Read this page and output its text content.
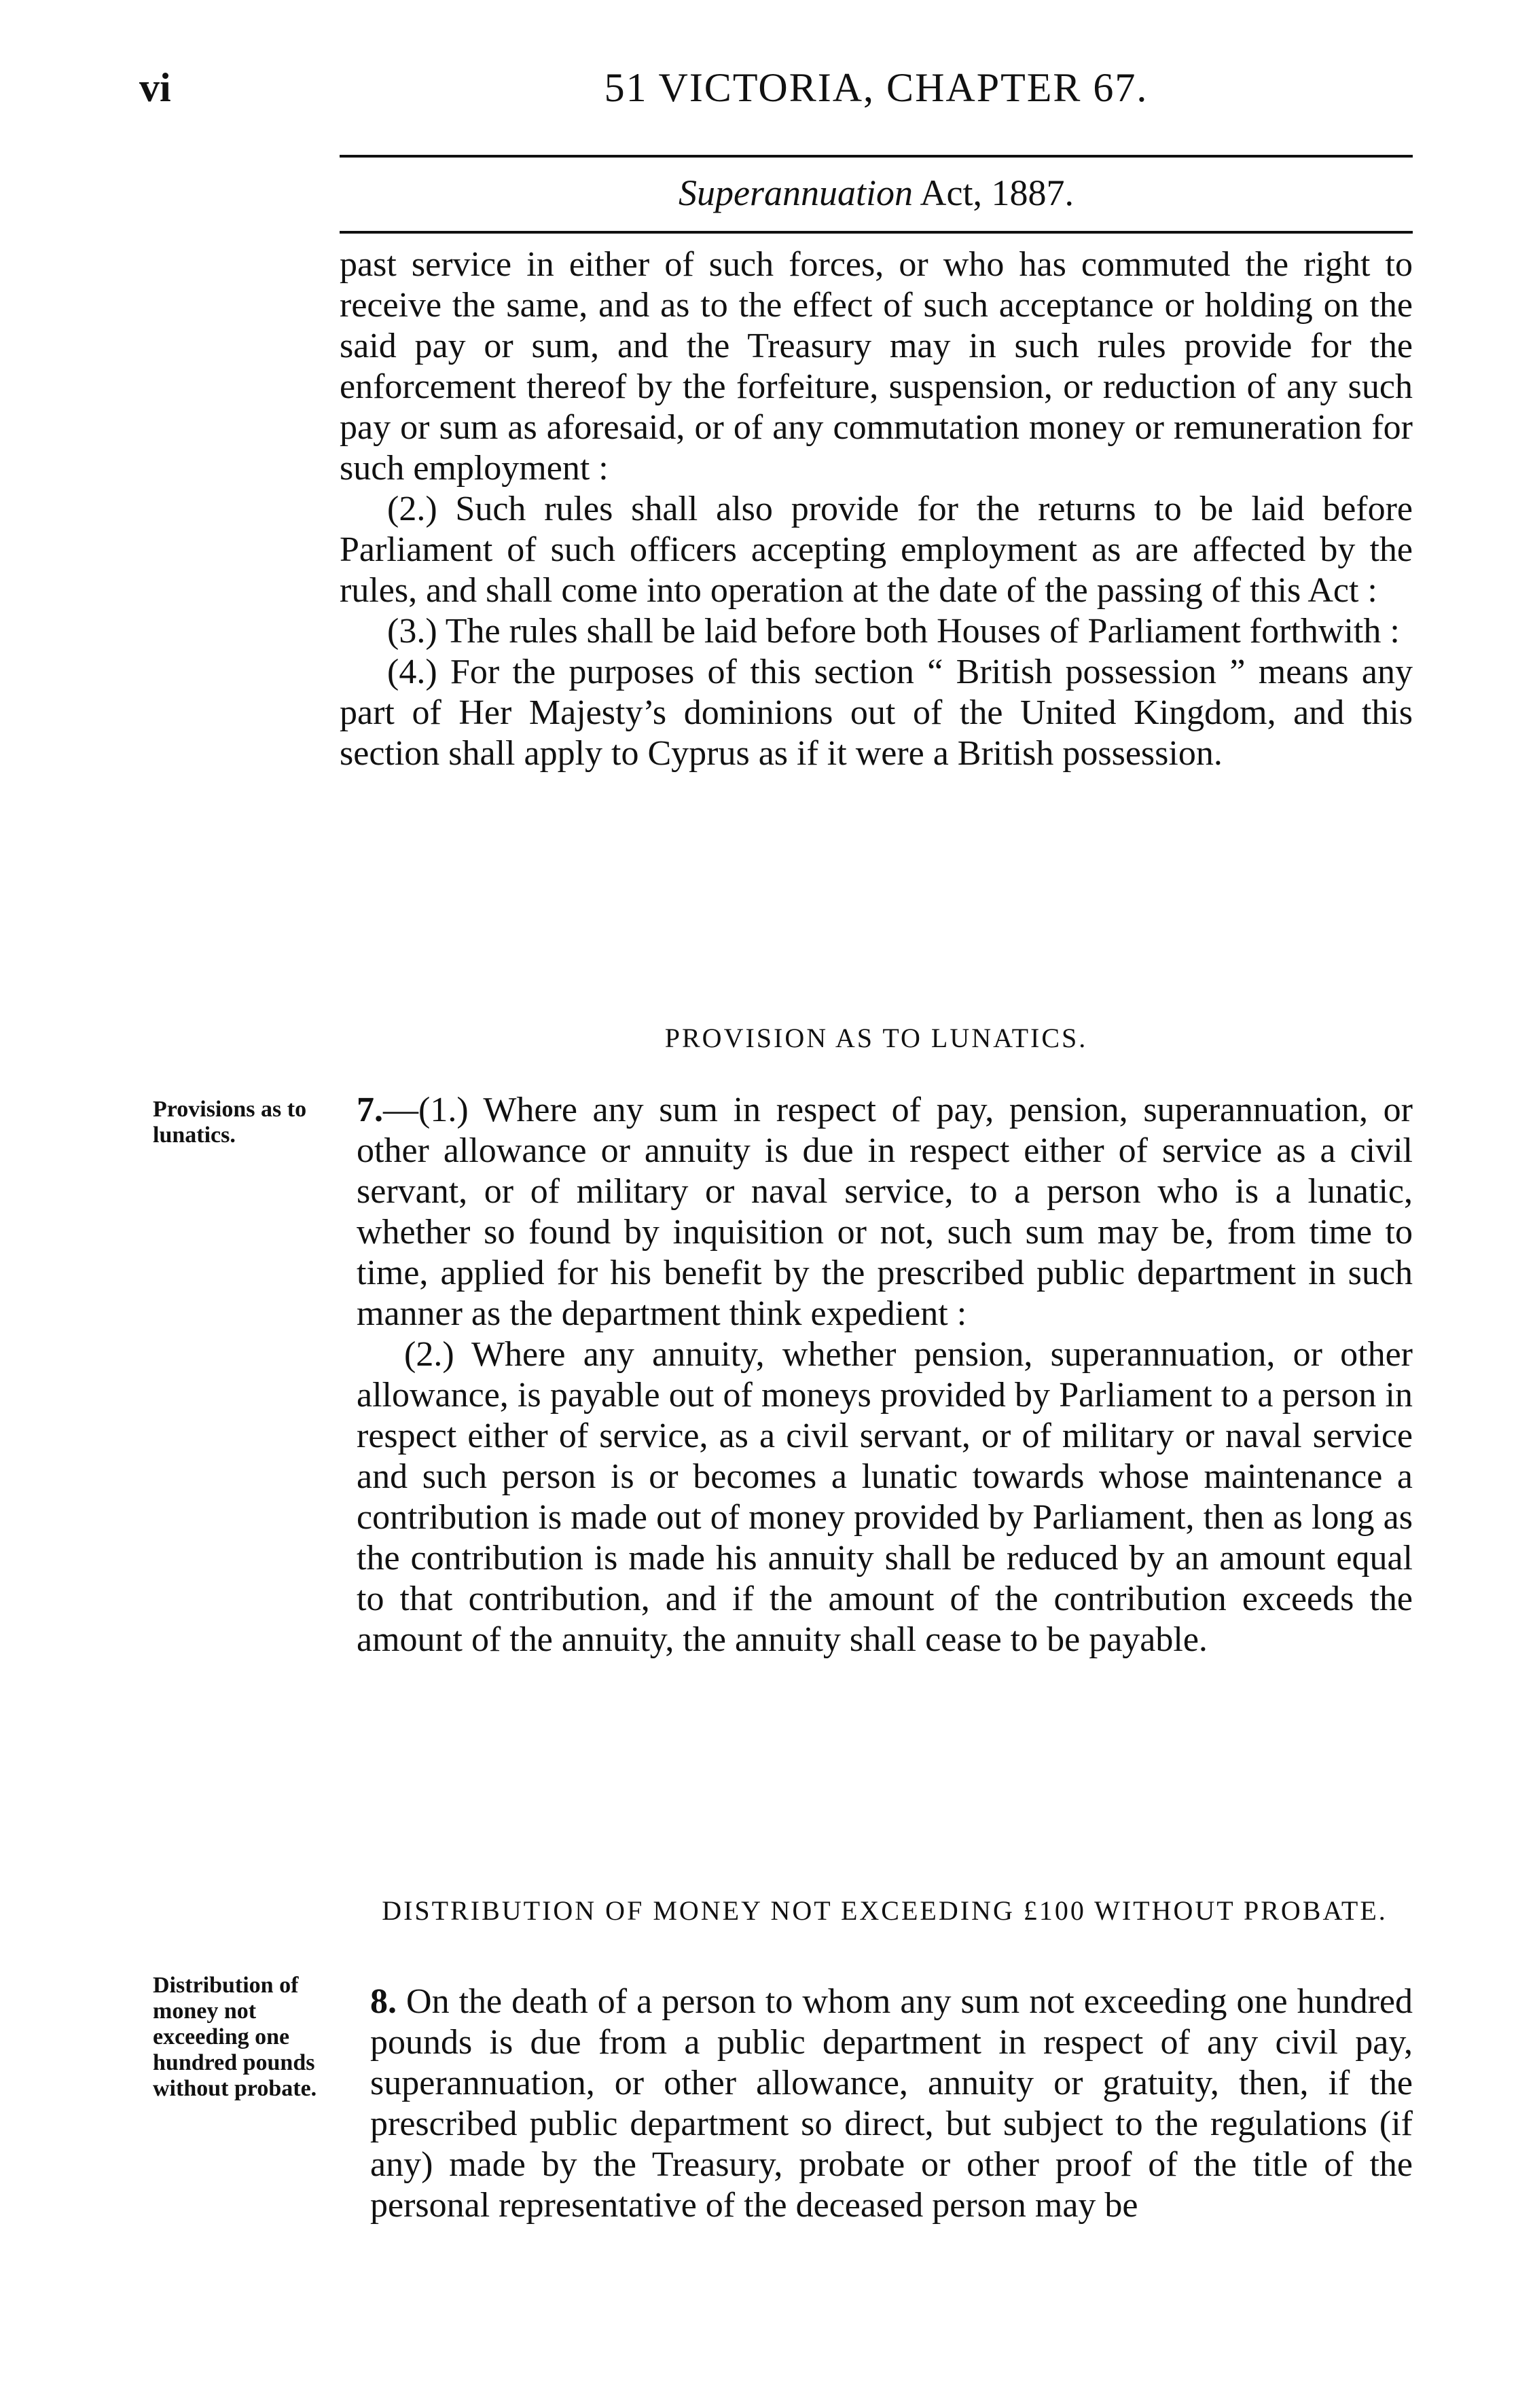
vi	51 VICTORIA, CHAPTER 67.
Superannuation Act, 1887.

past service in either of such forces, or who has commuted the right to receive the same, and as to the effect of such acceptance or holding on the said pay or sum, and the Treasury may in such rules provide for the enforcement thereof by the forfeiture, suspension, or reduction of any such pay or sum as aforesaid, or of any commutation money or remuneration for such employment :

(2.) Such rules shall also provide for the returns to be laid before Parliament of such officers accepting employment as are affected by the rules, and shall come into operation at the date of the passing of this Act :

(3.) The rules shall be laid before both Houses of Parliament forthwith :

(4.) For the purposes of this section “ British possession ” means any part of Her Majesty’s dominions out of the United Kingdom, and this section shall apply to Cyprus as if it were a British possession.

PROVISION AS TO LUNATICS.
Provisions as to lunatics.

7.—(1.) Where any sum in respect of pay, pension, superannuation, or other allowance or annuity is due in respect either of service as a civil servant, or of military or naval service, to a person who is a lunatic, whether so found by inquisition or not, such sum may be, from time to time, applied for his benefit by the prescribed public department in such manner as the department think expedient :

(2.) Where any annuity, whether pension, superannuation, or other allowance, is payable out of moneys provided by Parliament to a person in respect either of service, as a civil servant, or of military or naval service and such person is or becomes a lunatic towards whose maintenance a contribution is made out of money provided by Parliament, then as long as the contribution is made his annuity shall be reduced by an amount equal to that contribution, and if the amount of the contribution exceeds the amount of the annuity, the annuity shall cease to be payable.

DISTRIBUTION OF MONEY NOT EXCEEDING £100 WITHOUT PROBATE.
Distribution of money not exceeding one hundred pounds without probate.

8. On the death of a person to whom any sum not exceeding one hundred pounds is due from a public department in respect of any civil pay, superannuation, or other allowance, annuity or gratuity, then, if the prescribed public department so direct, but subject to the regulations (if any) made by the Treasury, probate or other proof of the title of the personal representative of the deceased person may be
